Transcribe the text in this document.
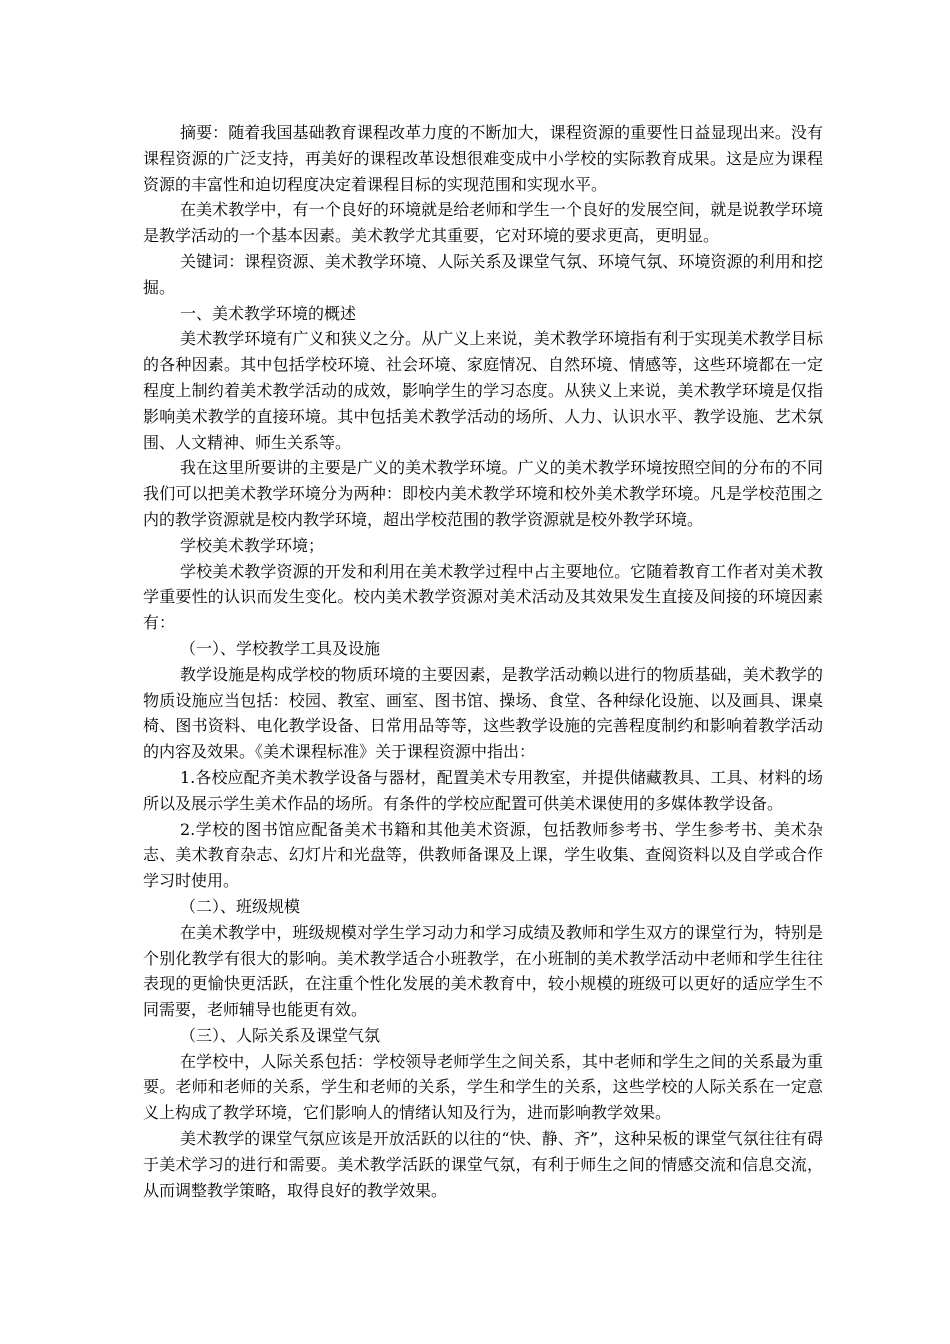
摘要：随着我国基础教育课程改革力度的不断加大，课程资源的重要性日益显现出来。没有课程资源的广泛支持，再美好的课程改革设想很难变成中小学校的实际教育成果。这是应为课程资源的丰富性和迫切程度决定着课程目标的实现范围和实现水平。

在美术教学中，有一个良好的环境就是给老师和学生一个良好的发展空间，就是说教学环境是教学活动的一个基本因素。美术教学尤其重要，它对环境的要求更高，更明显。

关键词：课程资源、美术教学环境、人际关系及课堂气氛、环境气氛、环境资源的利用和挖掘。

一、美术教学环境的概述

美术教学环境有广义和狭义之分。从广义上来说，美术教学环境指有利于实现美术教学目标的各种因素。其中包括学校环境、社会环境、家庭情况、自然环境、情感等，这些环境都在一定程度上制约着美术教学活动的成效，影响学生的学习态度。从狭义上来说，美术教学环境是仅指影响美术教学的直接环境。其中包括美术教学活动的场所、人力、认识水平、教学设施、艺术氛围、人文精神、师生关系等。

我在这里所要讲的主要是广义的美术教学环境。广义的美术教学环境按照空间的分布的不同我们可以把美术教学环境分为两种：即校内美术教学环境和校外美术教学环境。凡是学校范围之内的教学资源就是校内教学环境，超出学校范围的教学资源就是校外教学环境。

学校美术教学环境；

学校美术教学资源的开发和利用在美术教学过程中占主要地位。它随着教育工作者对美术教学重要性的认识而发生变化。校内美术教学资源对美术活动及其效果发生直接及间接的环境因素有：

（一）、学校教学工具及设施

教学设施是构成学校的物质环境的主要因素，是教学活动赖以进行的物质基础，美术教学的物质设施应当包括：校园、教室、画室、图书馆、操场、食堂、各种绿化设施、以及画具、课桌椅、图书资料、电化教学设备、日常用品等等，这些教学设施的完善程度制约和影响着教学活动的内容及效果。《美术课程标准》关于课程资源中指出：

1.各校应配齐美术教学设备与器材，配置美术专用教室，并提供储藏教具、工具、材料的场所以及展示学生美术作品的场所。有条件的学校应配置可供美术课使用的多媒体教学设备。

2.学校的图书馆应配备美术书籍和其他美术资源，包括教师参考书、学生参考书、美术杂志、美术教育杂志、幻灯片和光盘等，供教师备课及上课，学生收集、查阅资料以及自学或合作学习时使用。

（二）、班级规模

在美术教学中，班级规模对学生学习动力和学习成绩及教师和学生双方的课堂行为，特别是个别化教学有很大的影响。美术教学适合小班教学，在小班制的美术教学活动中老师和学生往往表现的更愉快更活跃，在注重个性化发展的美术教育中，较小规模的班级可以更好的适应学生不同需要，老师辅导也能更有效。

（三）、人际关系及课堂气氛

在学校中，人际关系包括：学校领导老师学生之间关系，其中老师和学生之间的关系最为重要。老师和老师的关系，学生和老师的关系，学生和学生的关系，这些学校的人际关系在一定意义上构成了教学环境，它们影响人的情绪认知及行为，进而影响教学效果。

美术教学的课堂气氛应该是开放活跃的以往的“快、静、齐”，这种呆板的课堂气氛往往有碍于美术学习的进行和需要。美术教学活跃的课堂气氛，有利于师生之间的情感交流和信息交流，从而调整教学策略，取得良好的教学效果。
